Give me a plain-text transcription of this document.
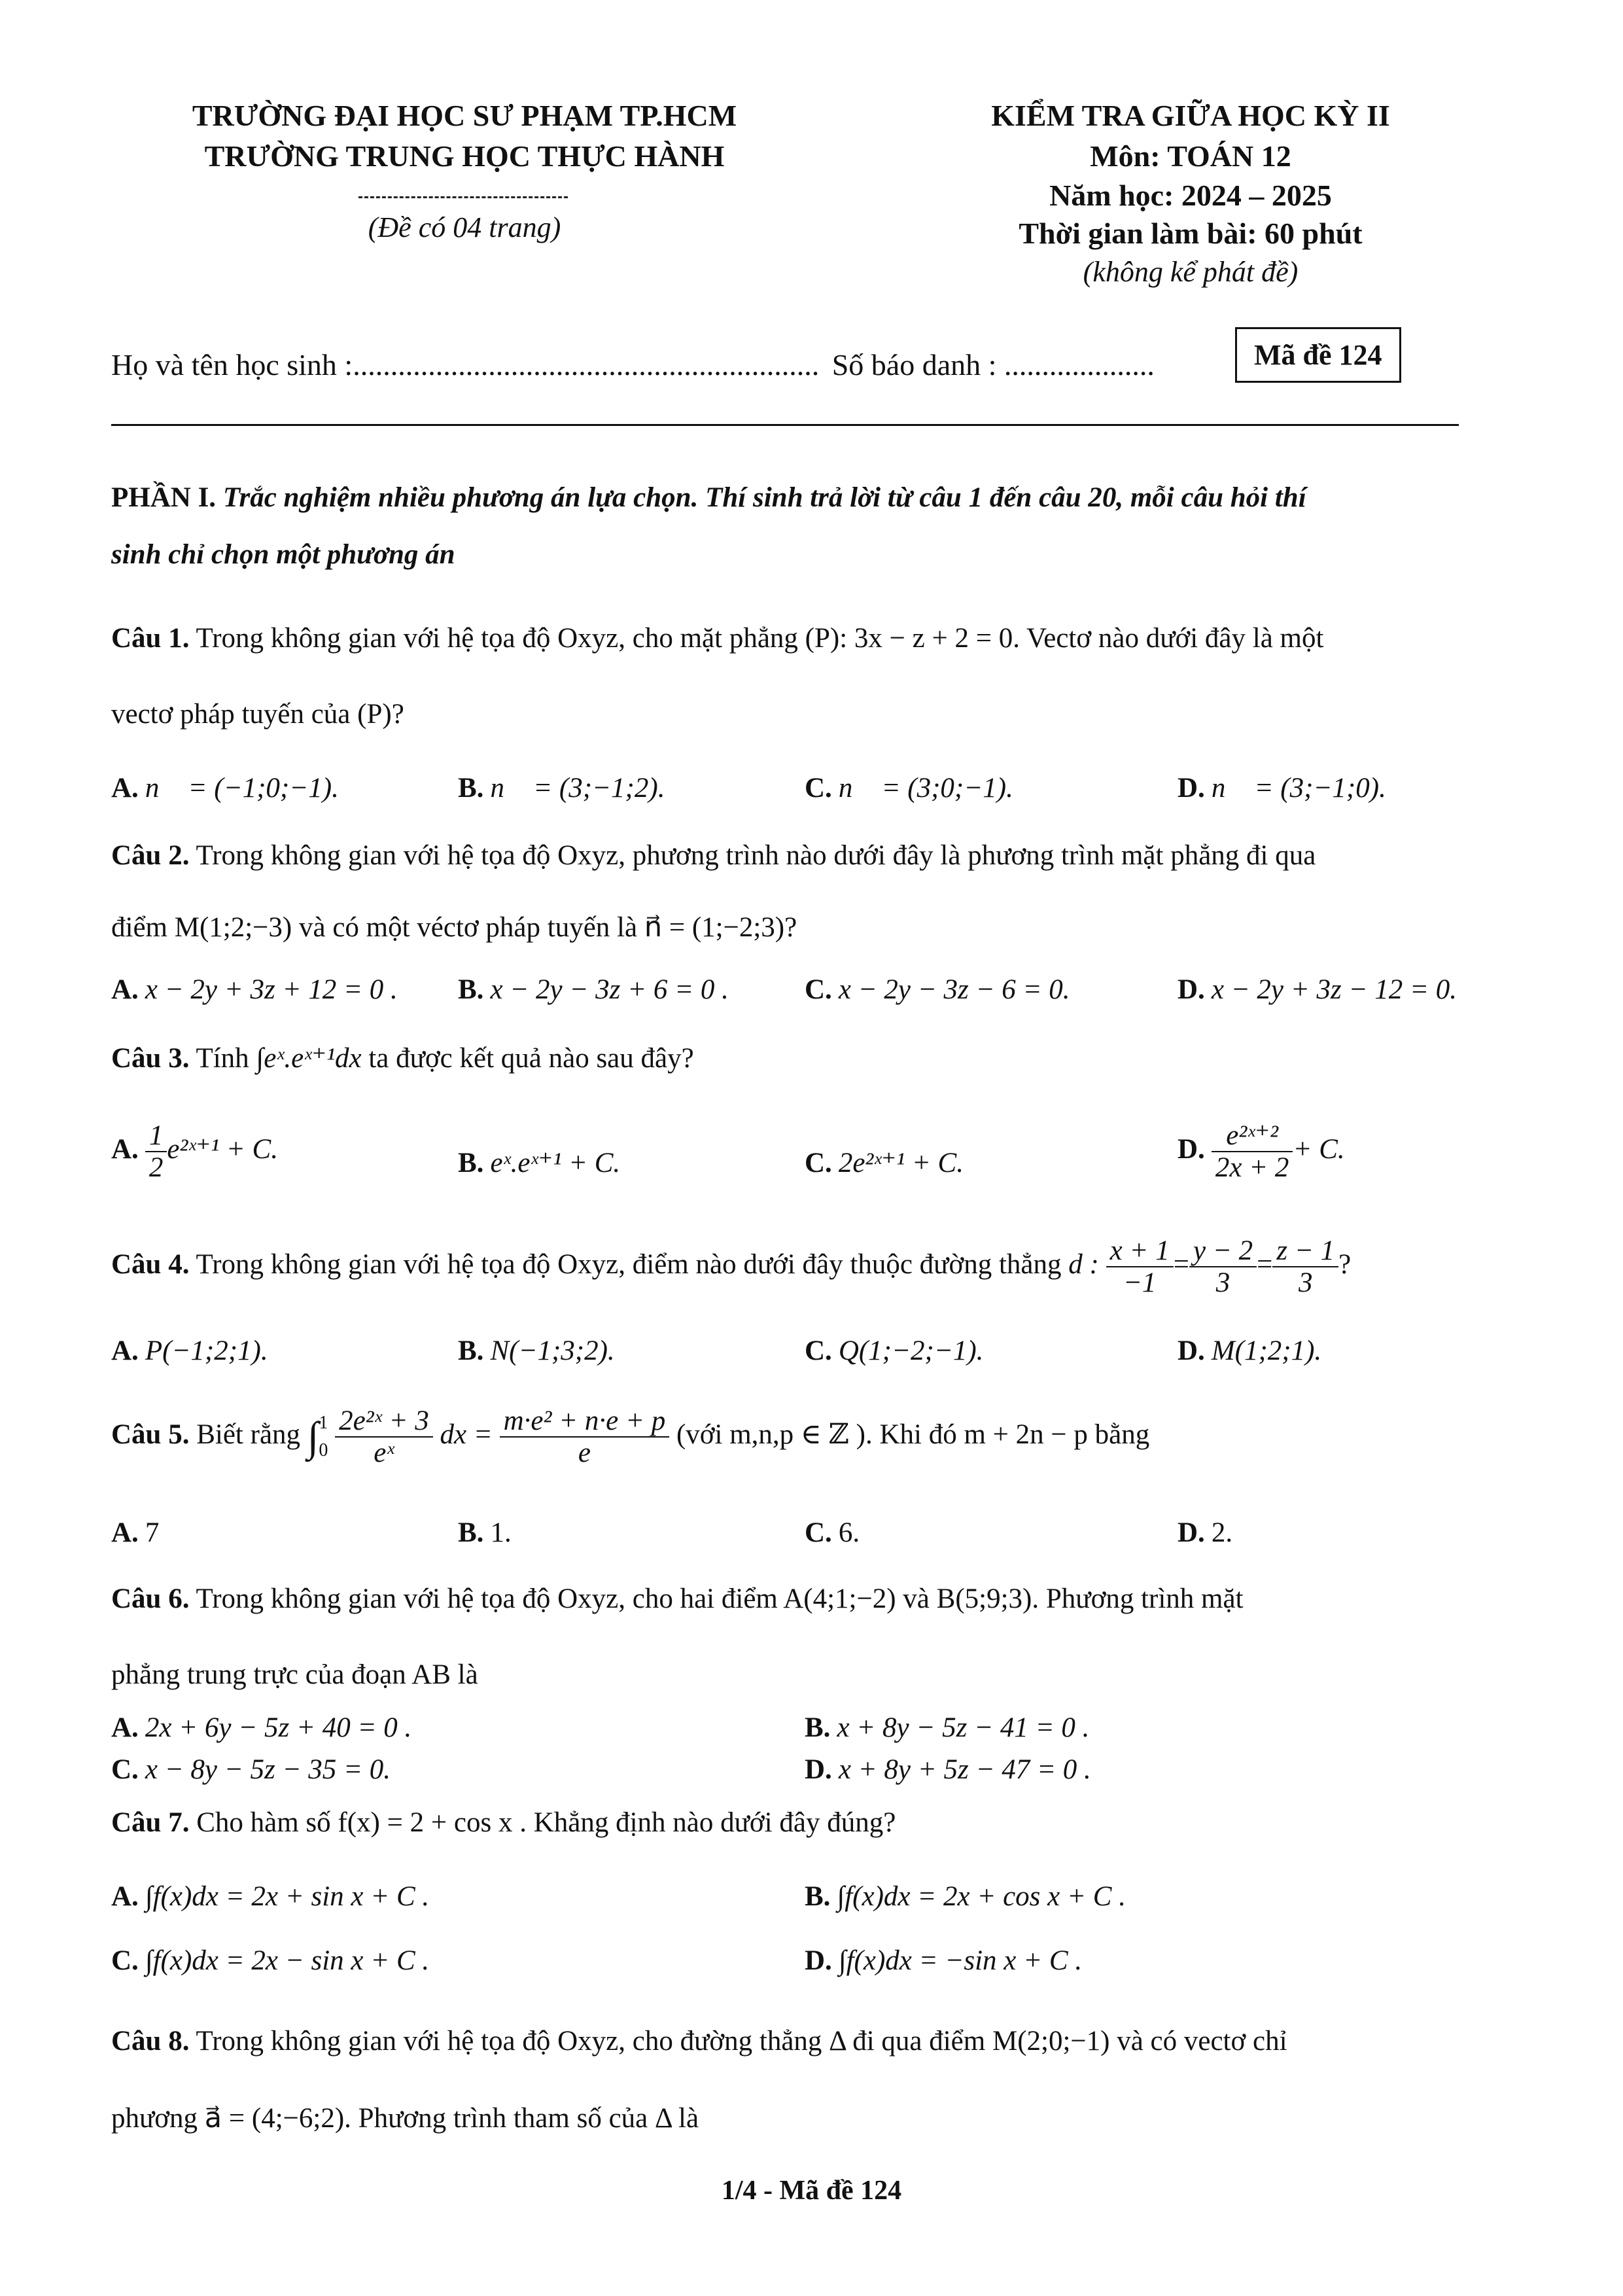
TRƯỜNG ĐẠI HỌC SƯ PHẠM TP.HCM
TRƯỜNG TRUNG HỌC THỰC HÀNH
(Đề có 04 trang)
KIỂM TRA GIỮA HỌC KỲ II
Môn: TOÁN 12
Năm học: 2024 – 2025
Thời gian làm bài: 60 phút
(không kể phát đề)
Họ và tên học sinh :.............................................................. Số báo danh : ....................	Mã đề 124
PHẦN I. Trắc nghiệm nhiều phương án lựa chọn. Thí sinh trả lời từ câu 1 đến câu 20, mỗi câu hỏi thí
sinh chỉ chọn một phương án
Câu 1. Trong không gian với hệ tọa độ Oxyz, cho mặt phẳng (P): 3x − z + 2 = 0. Vectơ nào dưới đây là một
vectơ pháp tuyến của (P)?
A. n⃗ = (−1;0;−1).	B. n⃗ = (3;−1;2).	C. n⃗ = (3;0;−1).	D. n⃗ = (3;−1;0).
Câu 2. Trong không gian với hệ tọa độ Oxyz, phương trình nào dưới đây là phương trình mặt phẳng đi qua
điểm M(1;2;−3) và có một véctơ pháp tuyến là n⃗ = (1;−2;3)?
A. x − 2y + 3z + 12 = 0 . B. x − 2y − 3z + 6 = 0 .	C. x − 2y − 3z − 6 = 0.	D. x − 2y + 3z − 12 = 0.
Câu 3. Tính ∫eˣ.eˣ⁺¹dx ta được kết quả nào sau đây?
A. $\frac{1}{2}$ e²ˣ⁺¹ + C.	B. eˣ.eˣ⁺¹ + C.	C. 2e²ˣ⁺¹ + C.	D. $\frac{\text{e²ˣ⁺²}}{2x + 2} + C$.
Câu 4. Trong không gian với hệ tọa độ Oxyz, điểm nào dưới đây thuộc đường thẳng d : $\frac{x + 1}{-1} = \frac{y - 2}{3} = \frac{z - 1}{3}$ ?
A. P(−1;2;1).	B. N(−1;3;2).	C. Q(1;−2;−1).	D. M(1;2;1).
Câu 5. Biết rằng ∫ 1
0
$\frac{\text{2e²ˣ + 3}}{\text{eˣ}}$ dx = $\frac{\text{m·e² + n·e + p}}{e}$ (với m,n,p ∈ ℤ ). Khi đó m + 2n − p bằng
A. 7	B. 1.	C. 6.	D. 2.
Câu 6. Trong không gian với hệ tọa độ Oxyz, cho hai điểm A(4;1;−2) và B(5;9;3). Phương trình mặt
phẳng trung trực của đoạn AB là
A. 2x + 6y − 5z + 40 = 0 .	B. x + 8y − 5z − 41 = 0 .
C. x − 8y − 5z − 35 = 0.	D. x + 8y + 5z − 47 = 0 .
Câu 7. Cho hàm số f(x) = 2 + cos x . Khẳng định nào dưới đây đúng?
A. ∫f(x)dx = 2x + sin x + C .	B. ∫f(x)dx = 2x + cos x + C .
C. ∫f(x)dx = 2x − sin x + C .	D. ∫f(x)dx = −sin x + C .
Câu 8. Trong không gian với hệ tọa độ Oxyz, cho đường thẳng Δ đi qua điểm M(2;0;−1) và có vectơ chỉ
phương a⃗ = (4;−6;2). Phương trình tham số của Δ là
1/4 - Mã đề 124
